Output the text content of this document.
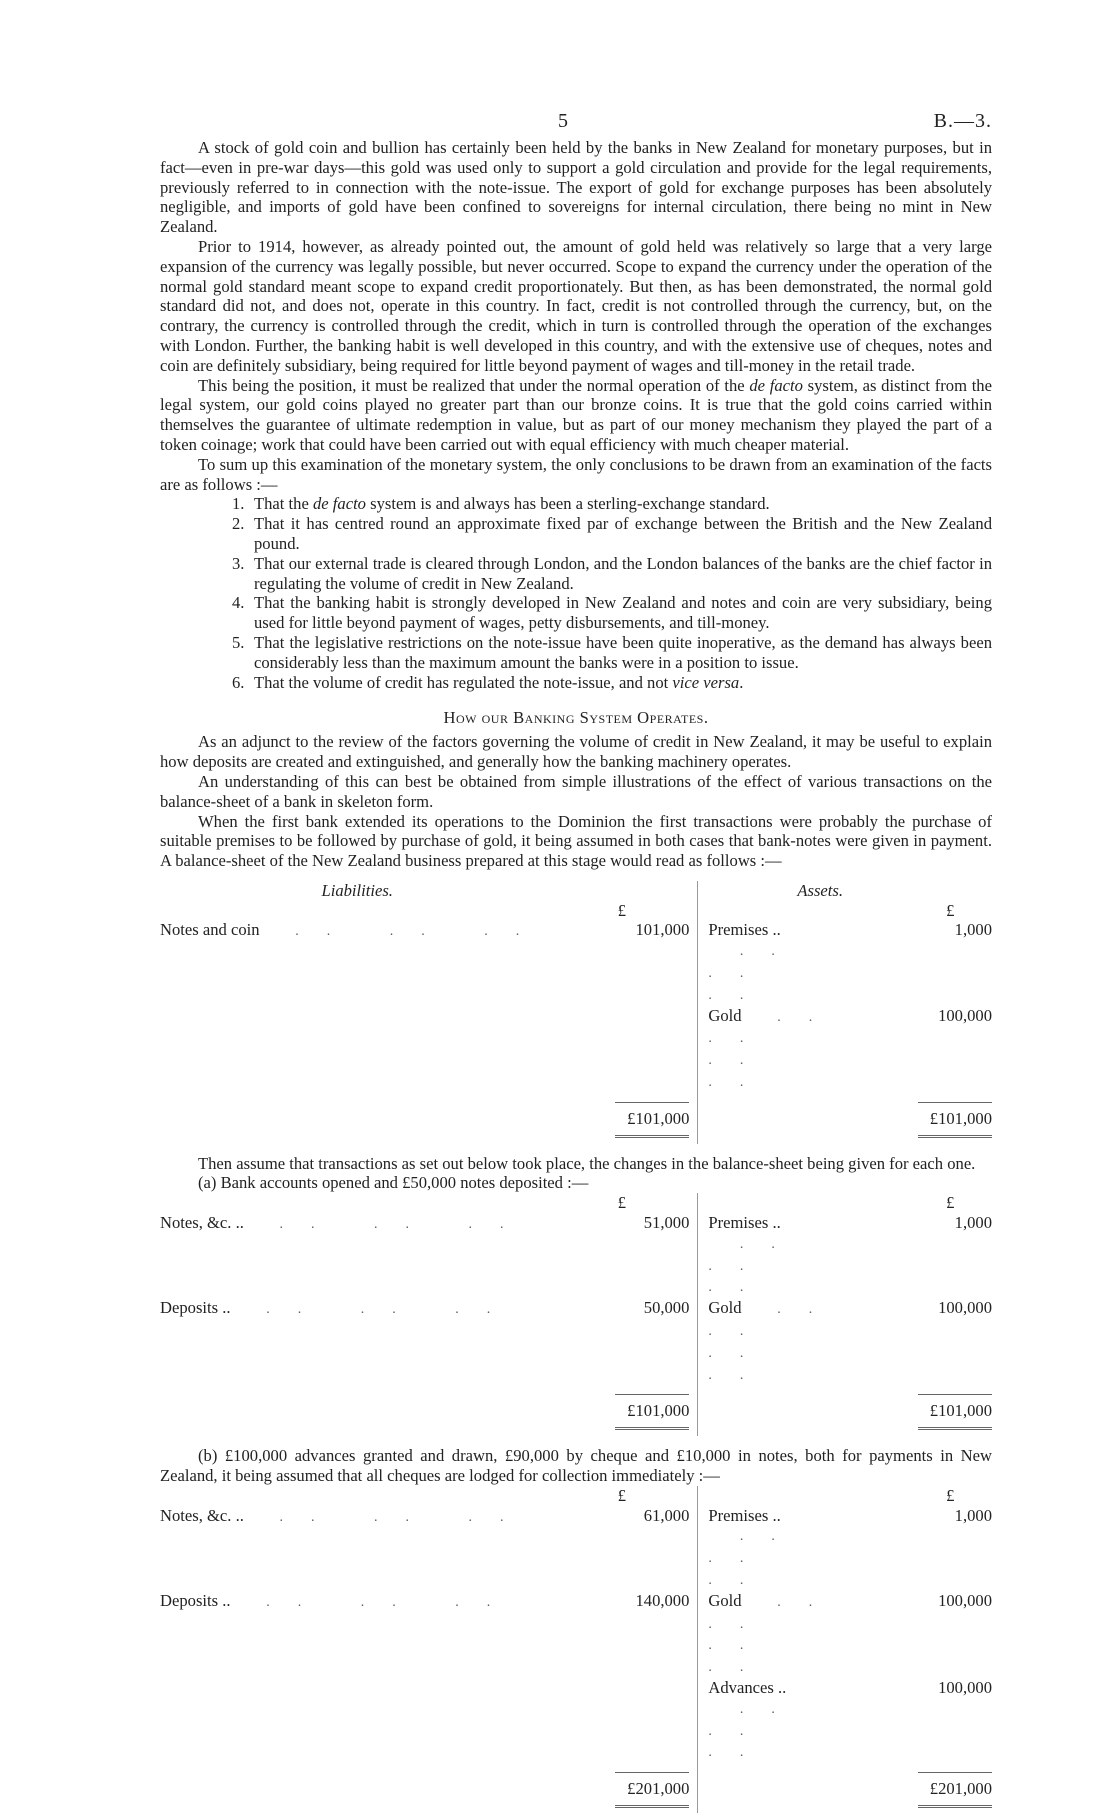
5	B.—3.

A stock of gold coin and bullion has certainly been held by the banks in New Zealand for monetary purposes, but in fact—even in pre-war days—this gold was used only to support a gold circulation and provide for the legal requirements, previously referred to in connection with the note-issue. The export of gold for exchange purposes has been absolutely negligible, and imports of gold have been confined to sovereigns for internal circulation, there being no mint in New Zealand.

Prior to 1914, however, as already pointed out, the amount of gold held was relatively so large that a very large expansion of the currency was legally possible, but never occurred. Scope to expand the currency under the operation of the normal gold standard meant scope to expand credit proportionately. But then, as has been demonstrated, the normal gold standard did not, and does not, operate in this country. In fact, credit is not controlled through the currency, but, on the contrary, the currency is controlled through the credit, which in turn is controlled through the operation of the exchanges with London. Further, the banking habit is well developed in this country, and with the extensive use of cheques, notes and coin are definitely subsidiary, being required for little beyond payment of wages and till-money in the retail trade.

This being the position, it must be realized that under the normal operation of the de facto system, as distinct from the legal system, our gold coins played no greater part than our bronze coins. It is true that the gold coins carried within themselves the guarantee of ultimate redemption in value, but as part of our money mechanism they played the part of a token coinage; work that could have been carried out with equal efficiency with much cheaper material.

To sum up this examination of the monetary system, the only conclusions to be drawn from an examination of the facts are as follows :—

1. That the de facto system is and always has been a sterling-exchange standard.
2. That it has centred round an approximate fixed par of exchange between the British and the New Zealand pound.
3. That our external trade is cleared through London, and the London balances of the banks are the chief factor in regulating the volume of credit in New Zealand.
4. That the banking habit is strongly developed in New Zealand and notes and coin are very subsidiary, being used for little beyond payment of wages, petty disbursements, and till-money.
5. That the legislative restrictions on the note-issue have been quite inoperative, as the demand has always been considerably less than the maximum amount the banks were in a position to issue.
6. That the volume of credit has regulated the note-issue, and not vice versa.
How our Banking System Operates.

As an adjunct to the review of the factors governing the volume of credit in New Zealand, it may be useful to explain how deposits are created and extinguished, and generally how the banking machinery operates.

An understanding of this can best be obtained from simple illustrations of the effect of various transactions on the balance-sheet of a bank in skeleton form.

When the first bank extended its operations to the Dominion the first transactions were probably the purchase of suitable premises to be followed by purchase of gold, it being assumed in both cases that bank-notes were given in payment. A balance-sheet of the New Zealand business prepared at this stage would read as follows :—

Liabilities.		Assets.	
	£		£
Notes and coin  .. .. ..	101,000	Premises ..  .. .. ..	1,000
		Gold  .. .. .. ..	100,000
	£101,000		£101,000

Then assume that transactions as set out below took place, the changes in the balance-sheet being given for each one.

(a) Bank accounts opened and £50,000 notes deposited :—

	£		£
Notes, &c. ..  .. .. ..	51,000	Premises ..  .. .. ..	1,000
Deposits ..  .. .. ..	50,000	Gold  .. .. .. ..	100,000
	£101,000		£101,000

(b) £100,000 advances granted and drawn, £90,000 by cheque and £10,000 in notes, both for payments in New Zealand, it being assumed that all cheques are lodged for collection immediately :—

	£		£
Notes, &c. ..  .. .. ..	61,000	Premises ..  .. .. ..	1,000
Deposits ..  .. .. ..	140,000	Gold  .. .. .. ..	100,000
		Advances ..  .. .. ..	100,000
	£201,000		£201,000
